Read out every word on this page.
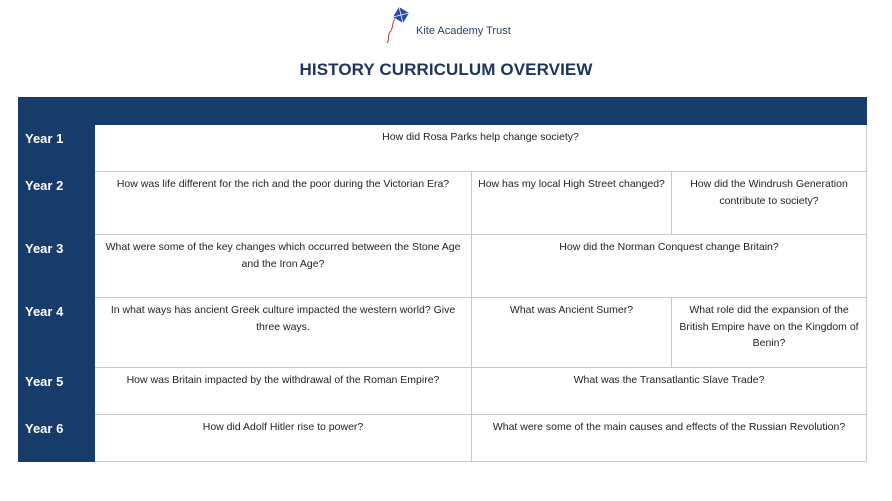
Kite Academy Trust
HISTORY CURRICULUM OVERVIEW

Year 1	How did Rosa Parks help change society?		
Year 2	How was life different for the rich and the poor during the Victorian Era?	How has my local High Street changed?	How did the Windrush Generation contribute to society?
Year 3	What were some of the key changes which occurred between the Stone Age and the Iron Age?	How did the Norman Conquest change Britain?	
Year 4	In what ways has ancient Greek culture impacted the western world? Give three ways.	What was Ancient Sumer?	What role did the expansion of the British Empire have on the Kingdom of Benin?
Year 5	How was Britain impacted by the withdrawal of the Roman Empire?	What was the Transatlantic Slave Trade?	
Year 6	How did Adolf Hitler rise to power?	What were some of the main causes and effects of the Russian Revolution?	
